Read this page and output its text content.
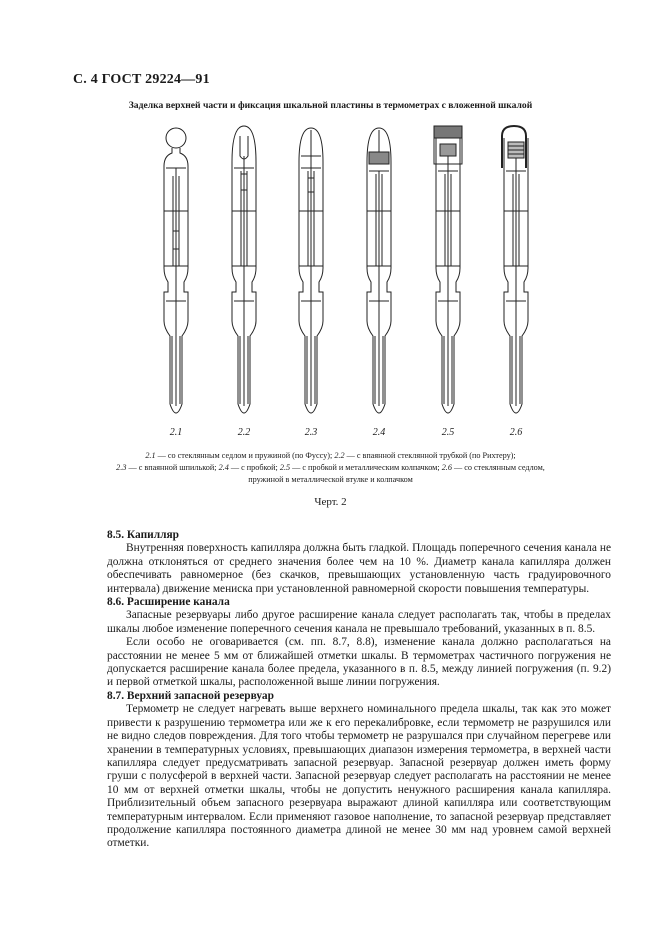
С. 4 ГОСТ 29224—91
Заделка верхней части и фиксация шкальной пластины в термометрах с вложенной шкалой
2.1	2.2	2.3	2.4	2.5	2.6
2.1 — со стеклянным седлом и пружиной (по Фуссу); 2.2 — с впаянной стеклянной трубкой (по Рихтеру);
2.3 — с впаянной шпилькой; 2.4 — с пробкой; 2.5 — с пробкой и металлическим колпачком; 2.6 — со стеклянным седлом,
пружиной в металлической втулке и колпачком
Черт. 2
8.5. Капилляр

Внутренняя поверхность капилляра должна быть гладкой. Площадь поперечного сечения канала не должна отклоняться от среднего значения более чем на 10 %. Диаметр канала капилляра должен обеспечивать равномерное (без скачков, превышающих установленную часть градуировочного интервала) движение мениска при установленной равномерной скорости повышения температуры.

8.6. Расширение канала

Запасные резервуары либо другое расширение канала следует располагать так, чтобы в пределах шкалы любое изменение поперечного сечения канала не превышало требований, указанных в п. 8.5.

Если особо не оговаривается (см. пп. 8.7, 8.8), изменение канала должно располагаться на расстоянии не менее 5 мм от ближайшей отметки шкалы. В термометрах частичного погружения не допускается расширение канала более предела, указанного в п. 8.5, между линией погружения (п. 9.2) и первой отметкой шкалы, расположенной выше линии погружения.

8.7. Верхний запасной резервуар

Термометр не следует нагревать выше верхнего номинального предела шкалы, так как это может привести к разрушению термометра или же к его перекалибровке, если термометр не разрушился или не видно следов повреждения. Для того чтобы термометр не разрушался при случайном перегреве или хранении в температурных условиях, превышающих диапазон измерения термометра, в верхней части капилляра следует предусматривать запасной резервуар. Запасной резервуар должен иметь форму груши с полусферой в верхней части. Запасной резервуар следует располагать на расстоянии не менее 10 мм от верхней отметки шкалы, чтобы не допустить ненужного расширения канала капилляра. Приблизительный объем запасного резервуара выражают длиной капилляра или соответствующим температурным интервалом. Если применяют газовое наполнение, то запасной резервуар представляет продолжение капилляра постоянного диаметра длиной не менее 30 мм над уровнем самой верхней отметки.
